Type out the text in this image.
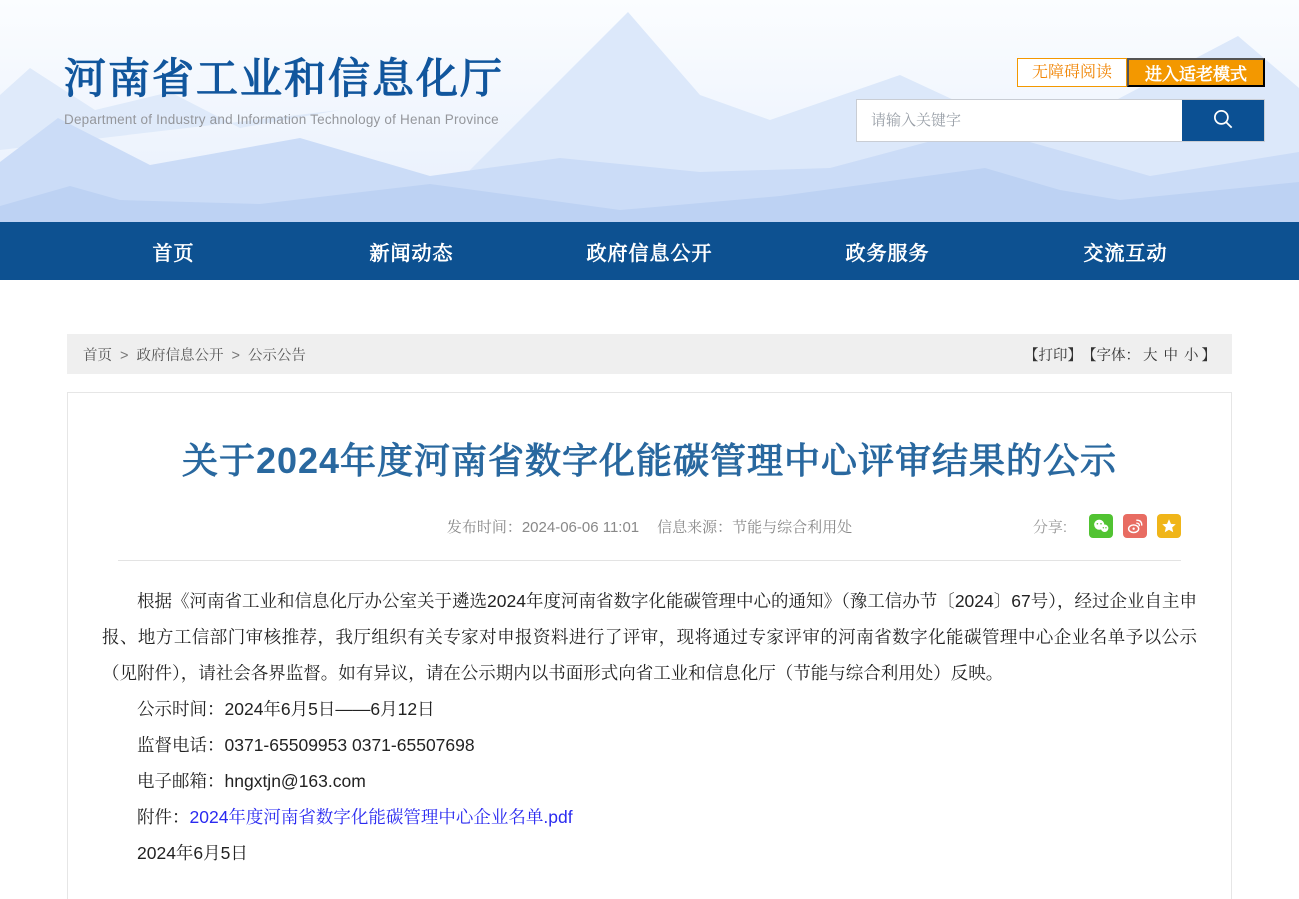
河南省工业和信息化厅
Department of Industry and Information Technology of Henan Province
无障碍阅读	进入适老模式
请输入关键字
首页	新闻动态	政府信息公开	政务服务	交流互动
首页 > 政府信息公开 > 公示公告	【打印】 【字体： 大 中 小 】
关于2024年度河南省数字化能碳管理中心评审结果的公示
发布时间：2024-06-06 11:01 信息来源：节能与综合利用处	分享:

根据《河南省工业和信息化厅办公室关于遴选2024年度河南省数字化能碳管理中心的通知》（豫工信办节〔2024〕67号），经过企业自主申报、地方工信部门审核推荐，我厅组织有关专家对申报资料进行了评审，现将通过专家评审的河南省数字化能碳管理中心企业名单予以公示（见附件），请社会各界监督。如有异议，请在公示期内以书面形式向省工业和信息化厅（节能与综合利用处）反映。

公示时间：2024年6月5日——6月12日

监督电话：0371-65509953 0371-65507698

电子邮箱：hngxtjn@163.com

附件：2024年度河南省数字化能碳管理中心企业名单.pdf

2024年6月5日
